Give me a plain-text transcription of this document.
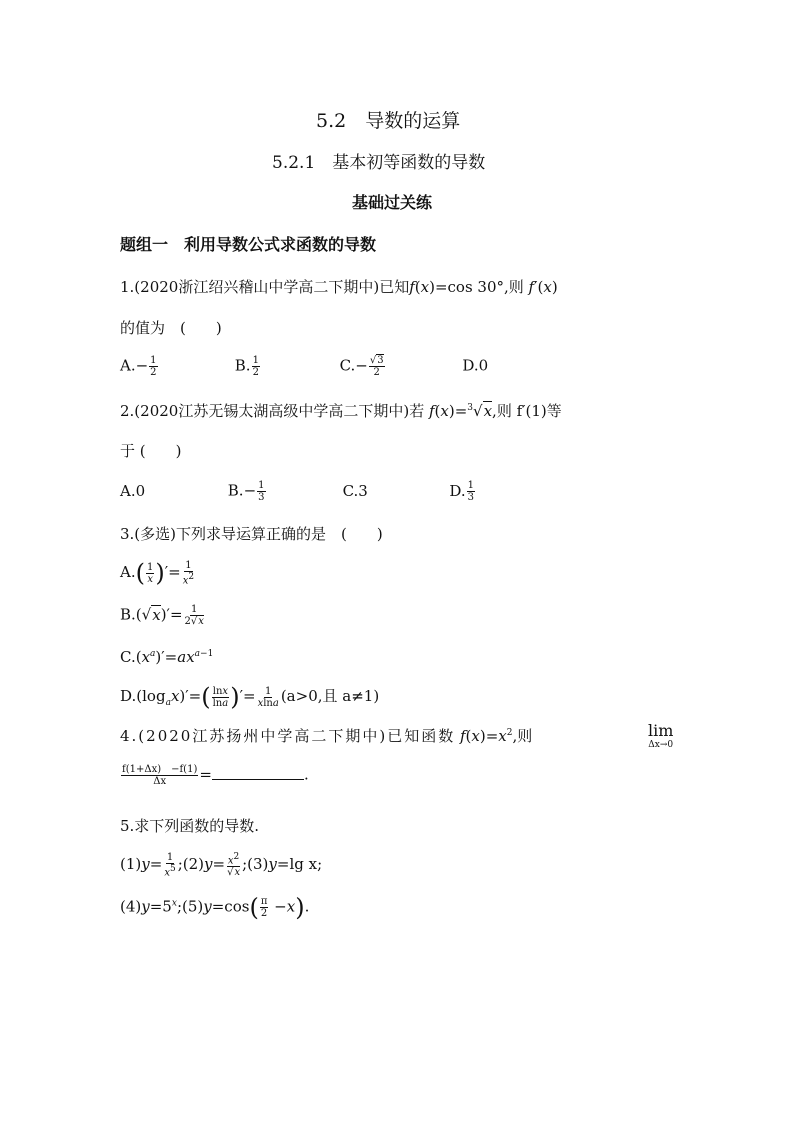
5.2　导数的运算
5.2.1　基本初等函数的导数
基础过关练
题组一　利用导数公式求函数的导数
1.(2020浙江绍兴稽山中学高二下期中)已知f(x)=cos 30°,则 f′(x)
的值为　(　　)
$A.- \frac{1}{2}$	B. $\frac{1}{2}$	$C.- \frac{√3}{2}$	D.0
2.(2020江苏无锡太湖高级中学高二下期中)若 f(x)=$^3$√x,则 f′(1)等
于 (　　)
A.0	$B.- \frac{1}{3}$	C.3	D. $\frac{1}{3}$
3.(多选)下列求导运算正确的是　(　　)
$A.( \frac{1}{x}$ )′= $\frac{1}{x^2}$
$B.(√x)'= \frac{1}{2√x}$
$C.(x^a)'=ax^{a-1}$
$D.(\log_ax)'=( \frac{\ln x}{\ln a}$ )′= $\frac{1}{xlna} (a>0$,且 a≠1)
4.(2020江苏扬州中学高二下期中)已知函数 $f(x)=x^2$,则	lim
Δx→0
$\frac{f(1+\Delta x) -f(1)}{\Delta x}$ =	.
5.求下列函数的导数.
$(1)y= \frac{1}{x^5}$ ;(2)y= $\frac{x^2}{√x}$ ;(3)y=lg x;
$(4)y=5^x;(5)y=\cos( \frac{\pi}{2} -x)$.
